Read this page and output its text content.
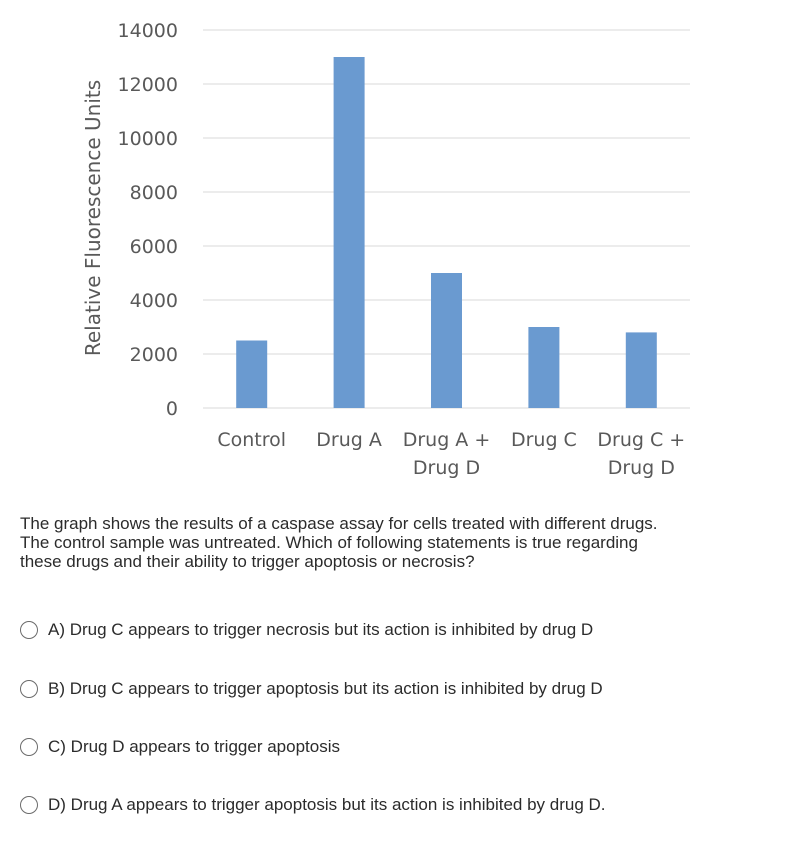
0
2000
4000
6000
8000
10000
12000
14000
Control Drug A Drug A +
Drug D
Drug C Drug C +
Drug D
Relative Fluorescence Units
The graph shows the results of a caspase assay for cells treated with different drugs.
The control sample was untreated. Which of following statements is true regarding
these drugs and their ability to trigger apoptosis or necrosis?
A) Drug C appears to trigger necrosis but its action is inhibited by drug D
B) Drug C appears to trigger apoptosis but its action is inhibited by drug D
C) Drug D appears to trigger apoptosis
D) Drug A appears to trigger apoptosis but its action is inhibited by drug D.
